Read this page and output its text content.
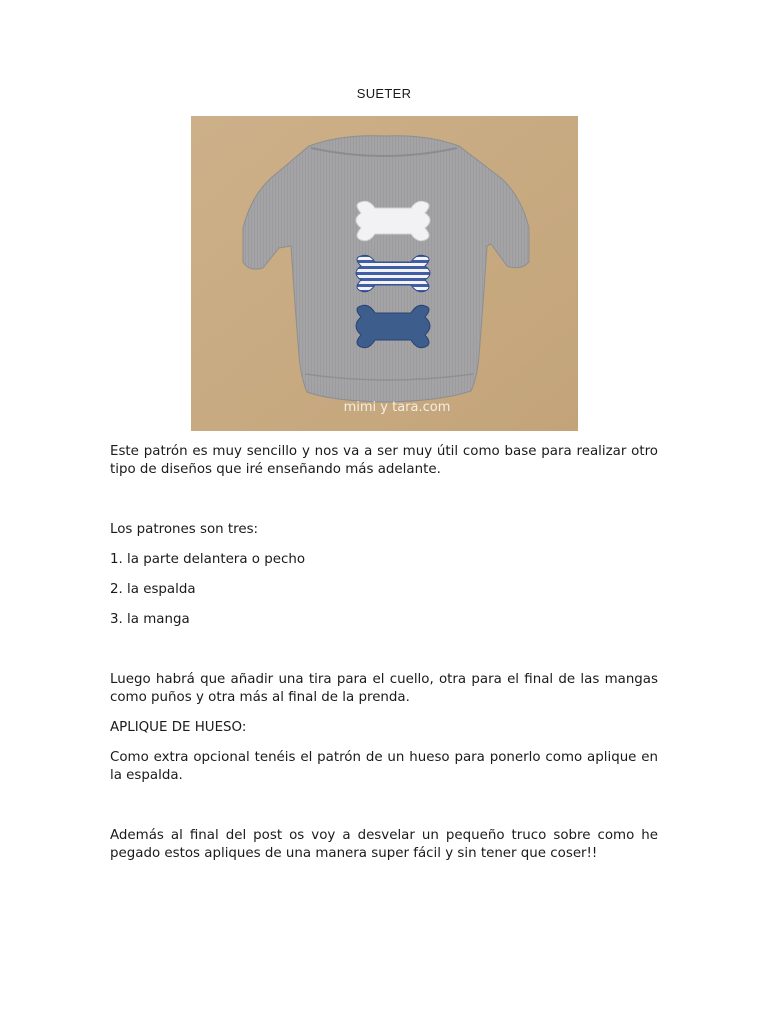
SUETER
mimi y tara.com
Este patrón es muy sencillo y nos va a ser muy útil como base para realizar otro tipo de diseños que iré enseñando más adelante.
Los patrones son tres:
1. la parte delantera o pecho
2. la espalda
3. la manga
Luego habrá que añadir una tira para el cuello, otra para el final de las mangas como puños y otra más al final de la prenda.
APLIQUE DE HUESO:
Como extra opcional tenéis el patrón de un hueso para ponerlo como aplique en la espalda.
Además al final del post os voy a desvelar un pequeño truco sobre como he pegado estos apliques de una manera super fácil y sin tener que coser!!
